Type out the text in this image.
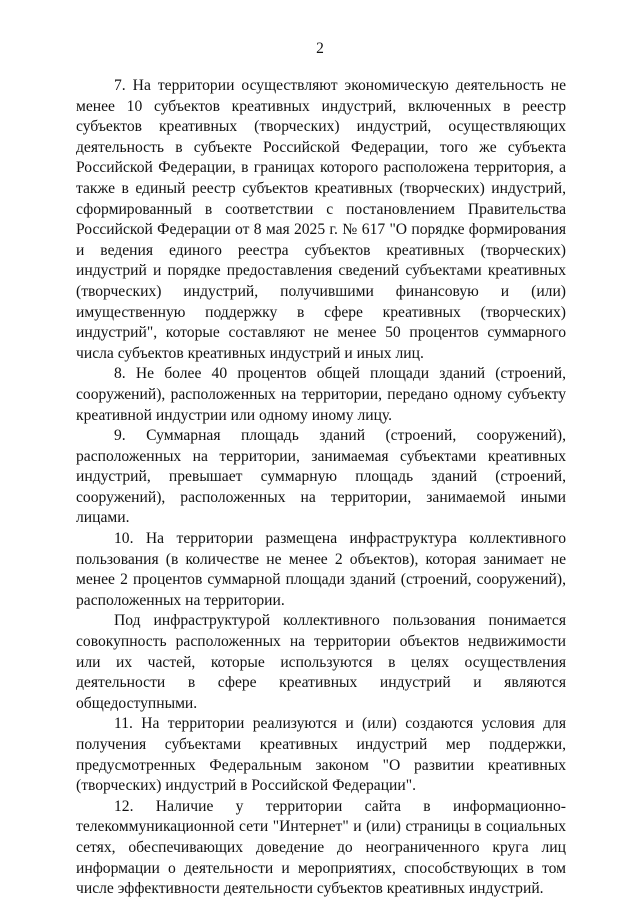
2

7. На территории осуществляют экономическую деятельность не менее 10 субъектов креативных индустрий, включенных в реестр субъектов креативных (творческих) индустрий, осуществляющих деятельность в субъекте Российской Федерации, того же субъекта Российской Федерации, в границах которого расположена территория, а также в единый реестр субъектов креативных (творческих) индустрий, сформированный в соответствии с постановлением Правительства Российской Федерации от 8 мая 2025 г. № 617 "О порядке формирования и ведения единого реестра субъектов креативных (творческих) индустрий и порядке предоставления сведений субъектами креативных (творческих) индустрий, получившими финансовую и (или) имущественную поддержку в сфере креативных (творческих) индустрий", которые составляют не менее 50 процентов суммарного числа субъектов креативных индустрий и иных лиц.

8. Не более 40 процентов общей площади зданий (строений, сооружений), расположенных на территории, передано одному субъекту креативной индустрии или одному иному лицу.

9. Суммарная площадь зданий (строений, сооружений), расположенных на территории, занимаемая субъектами креативных индустрий, превышает суммарную площадь зданий (строений, сооружений), расположенных на территории, занимаемой иными лицами.

10. На территории размещена инфраструктура коллективного пользования (в количестве не менее 2 объектов), которая занимает не менее 2 процентов суммарной площади зданий (строений, сооружений), расположенных на территории.

Под инфраструктурой коллективного пользования понимается совокупность расположенных на территории объектов недвижимости или их частей, которые используются в целях осуществления деятельности в сфере креативных индустрий и являются общедоступными.

11. На территории реализуются и (или) создаются условия для получения субъектами креативных индустрий мер поддержки, предусмотренных Федеральным законом "О развитии креативных (творческих) индустрий в Российской Федерации".

12. Наличие у территории сайта в информационно-телекоммуникационной сети "Интернет" и (или) страницы в социальных сетях, обеспечивающих доведение до неограниченного круга лиц информации о деятельности и мероприятиях, способствующих в том числе эффективности деятельности субъектов креативных индустрий.
